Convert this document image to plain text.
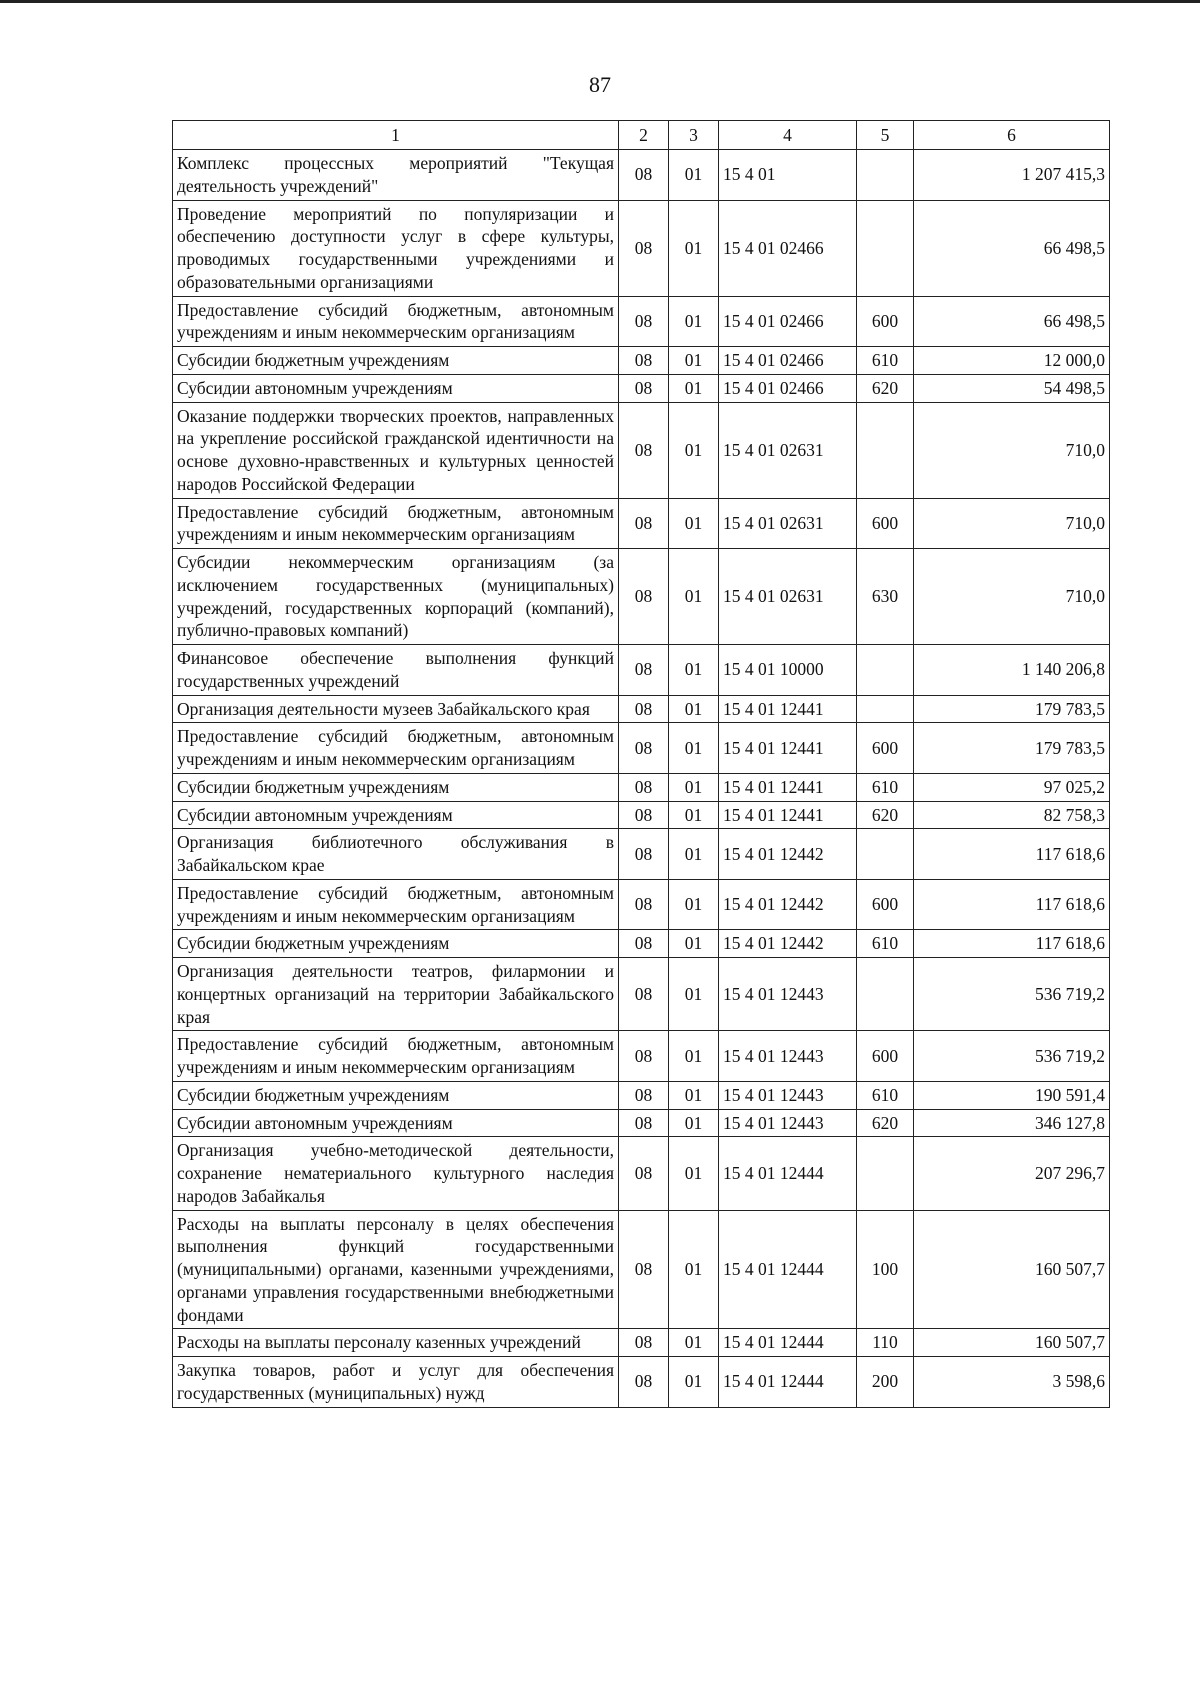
87
1	2	3	4	5	6
Комплекс процессных мероприятий "Текущая деятельность учреждений"	08	01	15 4 01		1 207 415,3
Проведение мероприятий по популяризации и обеспечению доступности услуг в сфере культуры, проводимых государственными учреждениями и образовательными организациями	08	01	15 4 01 02466		66 498,5
Предоставление субсидий бюджетным, автономным учреждениям и иным некоммерческим организациям	08	01	15 4 01 02466	600	66 498,5
Субсидии бюджетным учреждениям	08	01	15 4 01 02466	610	12 000,0
Субсидии автономным учреждениям	08	01	15 4 01 02466	620	54 498,5
Оказание поддержки творческих проектов, направленных на укрепление российской гражданской идентичности на основе духовно-нравственных и культурных ценностей народов Российской Федерации	08	01	15 4 01 02631		710,0
Предоставление субсидий бюджетным, автономным учреждениям и иным некоммерческим организациям	08	01	15 4 01 02631	600	710,0
Субсидии некоммерческим организациям (за исключением государственных (муниципальных) учреждений, государственных корпораций (компаний), публично-правовых компаний)	08	01	15 4 01 02631	630	710,0
Финансовое обеспечение выполнения функций государственных учреждений	08	01	15 4 01 10000		1 140 206,8
Организация деятельности музеев Забайкальского края	08	01	15 4 01 12441		179 783,5
Предоставление субсидий бюджетным, автономным учреждениям и иным некоммерческим организациям	08	01	15 4 01 12441	600	179 783,5
Субсидии бюджетным учреждениям	08	01	15 4 01 12441	610	97 025,2
Субсидии автономным учреждениям	08	01	15 4 01 12441	620	82 758,3
Организация библиотечного обслуживания в Забайкальском крае	08	01	15 4 01 12442		117 618,6
Предоставление субсидий бюджетным, автономным учреждениям и иным некоммерческим организациям	08	01	15 4 01 12442	600	117 618,6
Субсидии бюджетным учреждениям	08	01	15 4 01 12442	610	117 618,6
Организация деятельности театров, филармонии и концертных организаций на территории Забайкальского края	08	01	15 4 01 12443		536 719,2
Предоставление субсидий бюджетным, автономным учреждениям и иным некоммерческим организациям	08	01	15 4 01 12443	600	536 719,2
Субсидии бюджетным учреждениям	08	01	15 4 01 12443	610	190 591,4
Субсидии автономным учреждениям	08	01	15 4 01 12443	620	346 127,8
Организация учебно-методической деятельности, сохранение нематериального культурного наследия народов Забайкалья	08	01	15 4 01 12444		207 296,7
Расходы на выплаты персоналу в целях обеспечения выполнения функций государственными (муниципальными) органами, казенными учреждениями, органами управления государственными внебюджетными фондами	08	01	15 4 01 12444	100	160 507,7
Расходы на выплаты персоналу казенных учреждений	08	01	15 4 01 12444	110	160 507,7
Закупка товаров, работ и услуг для обеспечения государственных (муниципальных) нужд	08	01	15 4 01 12444	200	3 598,6
